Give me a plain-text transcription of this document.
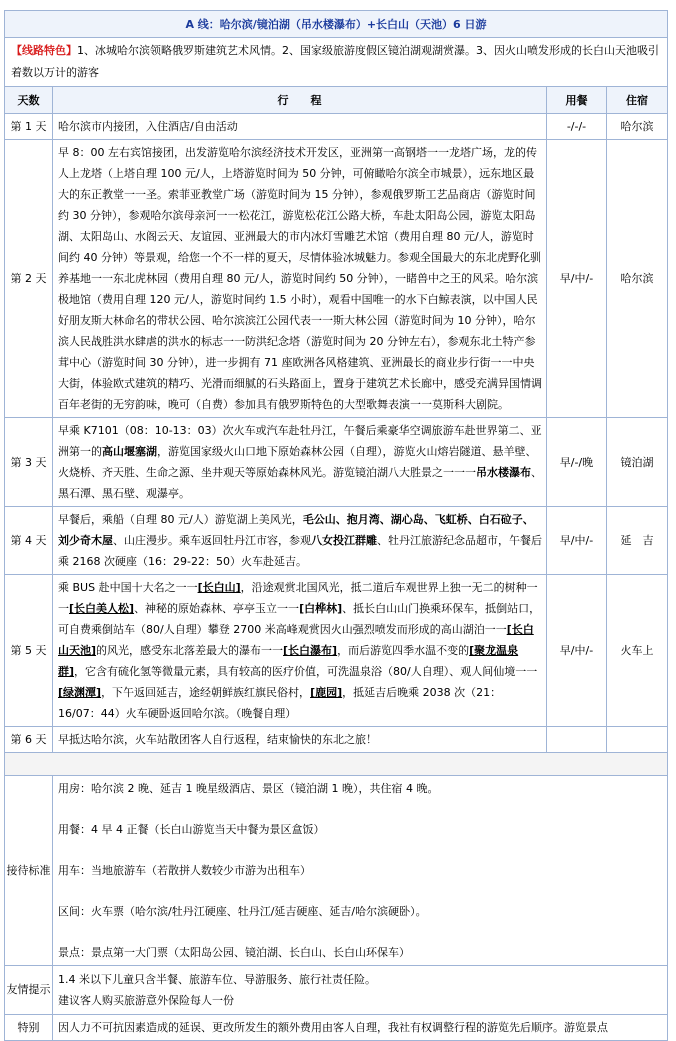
A 线：哈尔滨/镜泊湖（吊水楼瀑布）+长白山（天池）6 日游			
【线路特色】1、冰城哈尔滨领略俄罗斯建筑艺术风情。2、国家级旅游度假区镜泊湖观湖赏瀑。3、因火山喷发形成的长白山天池吸引着数以万计的游客			
天数	行　　程	用餐	住宿
第 1 天	哈尔滨市内接团，入住酒店/自由活动	-/-/-	哈尔滨
第 2 天	早 8：00 左右宾馆接团，出发游览哈尔滨经济技术开发区，亚洲第一高钢塔一一龙塔广场，龙的传人上龙塔（上塔自理 100 元/人，上塔游览时间为 50 分钟，可俯瞰哈尔滨全市城景），远东地区最大的东正教堂一一圣。索菲亚教堂广场（游览时间为 15 分钟），参观俄罗斯工艺品商店（游览时间约 30 分钟），参观哈尔滨母亲河一一松花江，游览松花江公路大桥，车赴太阳岛公园，游览太阳岛湖、太阳岛山、水阁云天、友谊园、亚洲最大的市内冰灯雪雕艺术馆（费用自理 80 元/人，游览时间约 40 分钟）等景观，给您一个不一样的夏天，尽情体验冰城魅力。参观全国最大的东北虎野化驯养基地一一东北虎林园（费用自理 80 元/人，游览时间约 50 分钟），一睹兽中之王的风采。哈尔滨极地馆（费用自理 120 元/人，游览时间约 1.5 小时），观看中国唯一的水下白鲸表演，以中国人民好朋友斯大林命名的带状公园、哈尔滨滨江公园代表一一斯大林公园（游览时间为 10 分钟），哈尔滨人民战胜洪水肆虐的洪水的标志一一防洪纪念塔（游览时间为 20 分钟左右），参观东北土特产参茸中心（游览时间 30 分钟），进一步拥有 71 座欧洲各风格建筑、亚洲最长的商业步行街一一中央大街，体验欧式建筑的精巧、光滑而细腻的石头路面上，置身于建筑艺术长廊中，感受充满异国情调百年老街的无穷韵味，晚可（自费）参加具有俄罗斯特色的大型歌舞表演一一莫斯科大剧院。	早/中/-	哈尔滨
第 3 天	早乘 K7101（08：10-13：03）次火车或汽车赴牡丹江，午餐后乘豪华空调旅游车赴世界第二、亚洲第一的高山堰塞湖，游览国家级火山口地下原始森林公园（自理），游览火山熔岩隧道、悬羊壁、火烧桥、齐天胜、生命之源、坐井观天等原始森林风光。游览镜泊湖八大胜景之一一一吊水楼瀑布、黑石潭、黑石壁、观瀑亭。	早/-/晚	镜泊湖
第 4 天	早餐后，乘船（自理 80 元/人）游览湖上美风光，毛公山、抱月湾、湖心岛、飞虹桥、白石砬子、刘少奇木屋、山庄漫步。乘车返回牡丹江市容，参观八女投江群雕、牡丹江旅游纪念品超市，午餐后乘 2168 次硬座（16：29-22：50）火车赴延吉。	早/中/-	延　吉
第 5 天	乘 BUS 赴中国十大名之一一[长白山]，沿途观赏北国风光，抵二道后车观世界上独一无二的树种一一[长白美人松]、神秘的原始森林、亭亭玉立一一[白桦林]、抵长白山山门换乘环保车，抵倒站口，可自费乘倒站车（80/人自理）攀登 2700 米高峰观赏因火山强烈喷发而形成的高山湖泊一一[长白山天池]的风光，感受东北落差最大的瀑布一一[长白瀑布]，而后游览四季水温不变的[聚龙温泉群]，它含有硫化氢等微量元素，具有较高的医疗价值，可洗温泉浴（80/人自理）、观人间仙境一一[绿渊潭]，下午返回延吉，途经朝鲜族红旗民俗村，[鹿园]，抵延吉后晚乘 2038 次（21：16/07：44）火车硬卧返回哈尔滨。（晚餐自理）	早/中/-	火车上
第 6 天	早抵达哈尔滨，火车站散团客人自行返程，结束愉快的东北之旅！		

接待标准	用房：哈尔滨 2 晚、延吉 1 晚星级酒店、景区（镜泊湖 1 晚），共住宿 4 晚。

用餐：4 早 4 正餐（长白山游览当天中餐为景区盒饭）

用车：当地旅游车（若散拼人数较少市游为出租车）

区间：火车票（哈尔滨/牡丹江硬座、牡丹江/延吉硬座、延吉/哈尔滨硬卧）。

景点：景点第一大门票（太阳岛公园、镜泊湖、长白山、长白山环保车）		

友情提示	1.4 米以下儿童只含半餐、旅游车位、导游服务、旅行社责任险。

建议客人购买旅游意外保险每人一份		

特别	因人力不可抗因素造成的延误、更改所发生的额外费用由客人自理，我社有权调整行程的游览先后顺序。游览景点		
